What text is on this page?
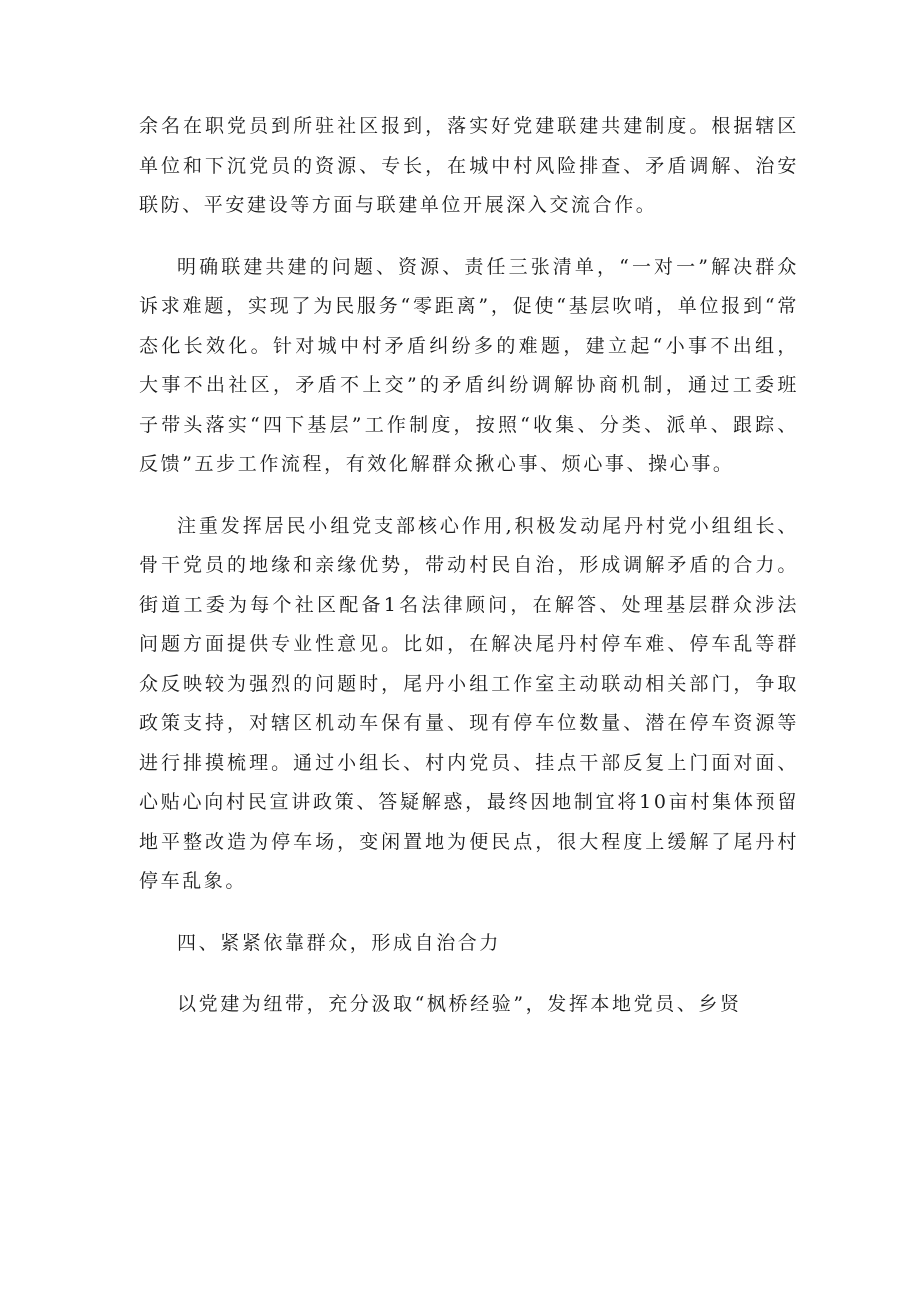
余名在职党员到所驻社区报到，落实好党建联建共建制度。根据辖区单位和下沉党员的资源、专长，在城中村风险排查、矛盾调解、治安联防、平安建设等方面与联建单位开展深入交流合作。

明确联建共建的问题、资源、责任三张清单，“一对一”解决群众诉求难题，实现了为民服务“零距离”，促使“基层吹哨，单位报到“常态化长效化。针对城中村矛盾纠纷多的难题，建立起“小事不出组，大事不出社区，矛盾不上交”的矛盾纠纷调解协商机制，通过工委班子带头落实“四下基层”工作制度，按照“收集、分类、派单、跟踪、反馈”五步工作流程，有效化解群众揪心事、烦心事、操心事。

注重发挥居民小组党支部核心作用,积极发动尾丹村党小组组长、骨干党员的地缘和亲缘优势，带动村民自治，形成调解矛盾的合力。街道工委为每个社区配备1名法律顾问，在解答、处理基层群众涉法问题方面提供专业性意见。比如，在解决尾丹村停车难、停车乱等群众反映较为强烈的问题时，尾丹小组工作室主动联动相关部门，争取政策支持，对辖区机动车保有量、现有停车位数量、潜在停车资源等进行排摸梳理。通过小组长、村内党员、挂点干部反复上门面对面、心贴心向村民宣讲政策、答疑解惑，最终因地制宜将10亩村集体预留地平整改造为停车场，变闲置地为便民点，很大程度上缓解了尾丹村停车乱象。

四、紧紧依靠群众，形成自治合力

以党建为纽带，充分汲取“枫桥经验”，发挥本地党员、乡贤
